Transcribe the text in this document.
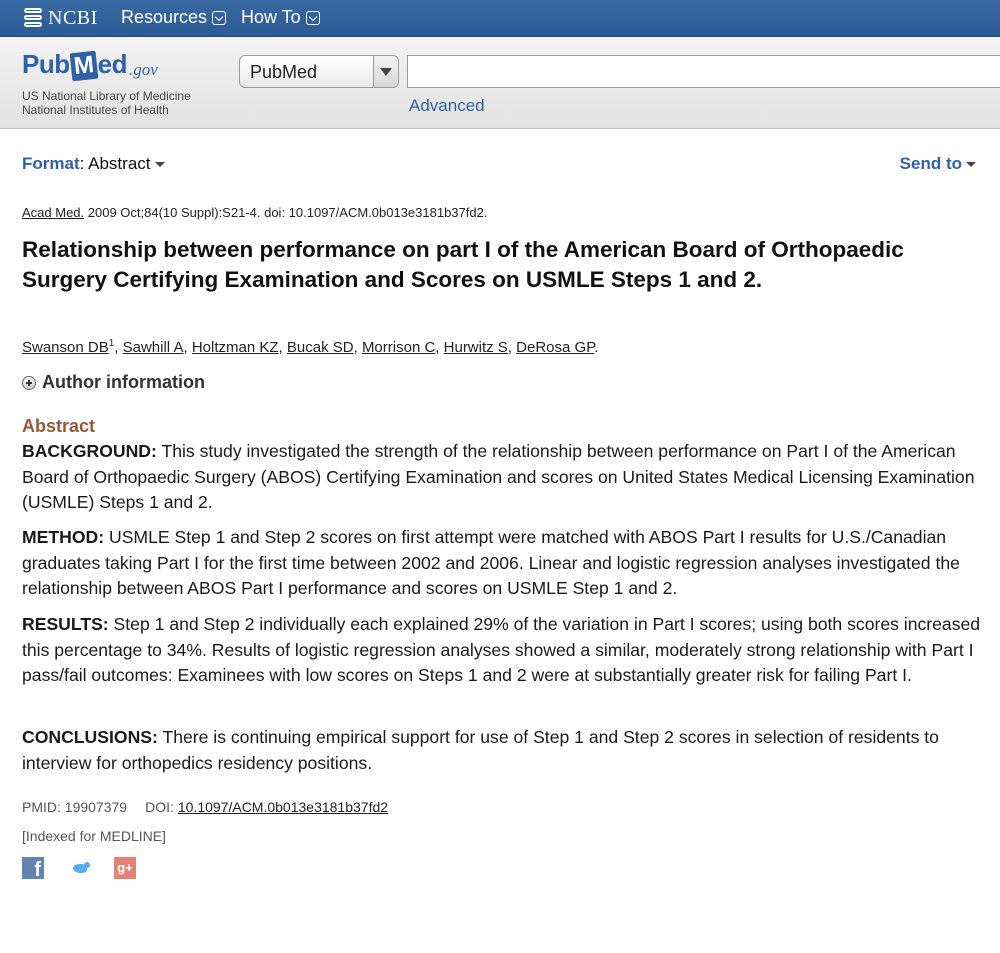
NCBI Resources How To
Pub M ed .gov
US National Library of Medicine
National Institutes of Health
PubMed
Advanced
Format: Abstract	Send to
Acad Med. 2009 Oct;84(10 Suppl):S21-4. doi: 10.1097/ACM.0b013e3181b37fd2.
Relationship between performance on part I of the American Board of Orthopaedic Surgery Certifying Examination and Scores on USMLE Steps 1 and 2.
Swanson $DB^1$, Sawhill A, Holtzman KZ, Bucak SD, Morrison C, Hurwitz S, DeRosa GP.
Author information
Abstract

BACKGROUND: This study investigated the strength of the relationship between performance on Part I of the American Board of Orthopaedic Surgery (ABOS) Certifying Examination and scores on United States Medical Licensing Examination (USMLE) Steps 1 and 2.

METHOD: USMLE Step 1 and Step 2 scores on first attempt were matched with ABOS Part I results for U.S./Canadian graduates taking Part I for the first time between 2002 and 2006. Linear and logistic regression analyses investigated the relationship between ABOS Part I performance and scores on USMLE Step 1 and 2.

RESULTS: Step 1 and Step 2 individually each explained 29% of the variation in Part I scores; using both scores increased this percentage to 34%. Results of logistic regression analyses showed a similar, moderately strong relationship with Part I pass/fail outcomes: Examinees with low scores on Steps 1 and 2 were at substantially greater risk for failing Part I.

CONCLUSIONS: There is continuing empirical support for use of Step 1 and Step 2 scores in selection of residents to interview for orthopedics residency positions.

PMID: 19907379 DOI: 10.1097/ACM.0b013e3181b37fd2
[Indexed for MEDLINE]
f	g+
